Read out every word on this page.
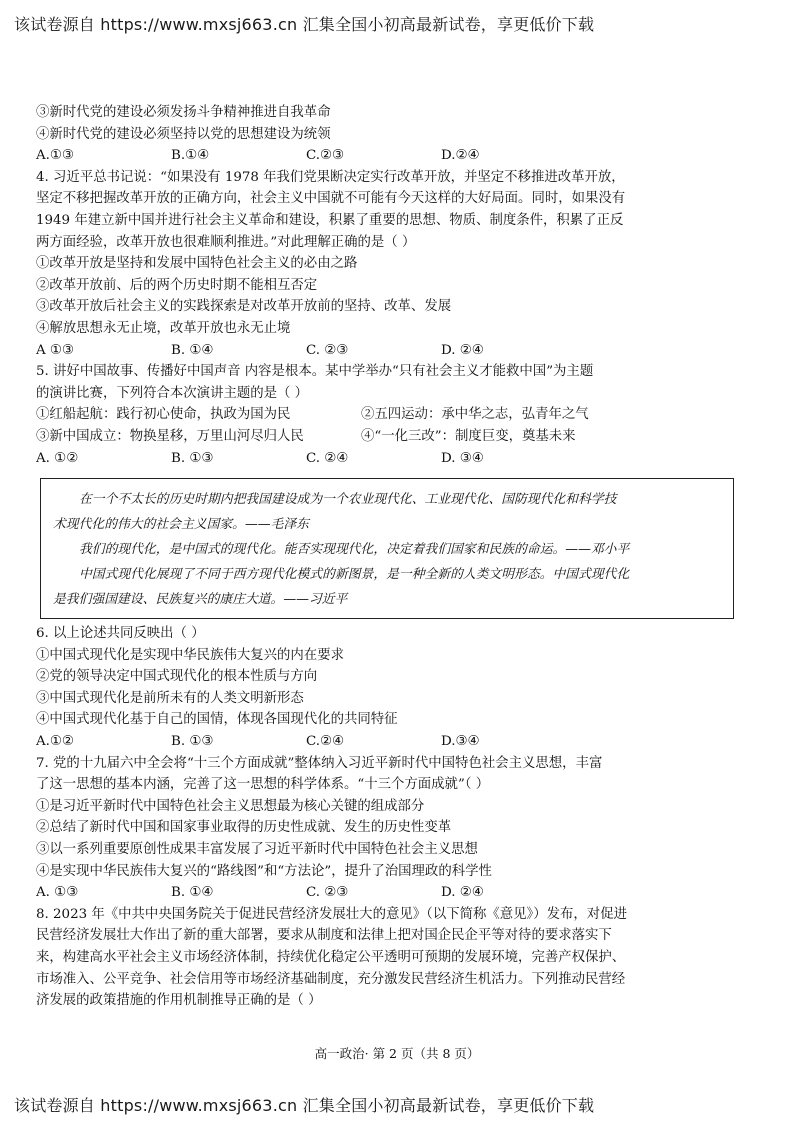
该试卷源自 https://www.mxsj663.cn 汇集全国小初高最新试卷，享更低价下载
③新时代党的建设必须发扬斗争精神推进自我革命
④新时代党的建设必须坚持以党的思想建设为统领
A.①③	B.①④	C.②③	D.②④
4. 习近平总书记说：“如果没有 1978 年我们党果断决定实行改革开放，并坚定不移推进改革开放，
坚定不移把握改革开放的正确方向，社会主义中国就不可能有今天这样的大好局面。同时，如果没有
1949 年建立新中国并进行社会主义革命和建设，积累了重要的思想、物质、制度条件，积累了正反
两方面经验，改革开放也很难顺利推进。”对此理解正确的是（ ）
①改革开放是坚持和发展中国特色社会主义的必由之路
②改革开放前、后的两个历史时期不能相互否定
③改革开放后社会主义的实践探索是对改革开放前的坚持、改革、发展
④解放思想永无止境，改革开放也永无止境
A ①③	B. ①④	C. ②③	D. ②④
5. 讲好中国故事、传播好中国声音 内容是根本。某中学举办“只有社会主义才能救中国”为主题
的演讲比赛，下列符合本次演讲主题的是（ ）
①红船起航：践行初心使命，执政为国为民	②五四运动：承中华之志，弘青年之气
③新中国成立：物换星移，万里山河尽归人民	④“一化三改”：制度巨变，奠基未来
A. ①②	B. ①③	C. ②④	D. ③④
在一个不太长的历史时期内把我国建设成为一个农业现代化、工业现代化、国防现代化和科学技
术现代化的伟大的社会主义国家。——毛泽东
我们的现代化，是中国式的现代化。能否实现现代化，决定着我们国家和民族的命运。——邓小平
中国式现代化展现了不同于西方现代化模式的新图景，是一种全新的人类文明形态。中国式现代化
是我们强国建设、民族复兴的康庄大道。——习近平
6. 以上论述共同反映出（ ）
①中国式现代化是实现中华民族伟大复兴的内在要求
②党的领导决定中国式现代化的根本性质与方向
③中国式现代化是前所未有的人类文明新形态
④中国式现代化基于自己的国情，体现各国现代化的共同特征
A.①②	B. ①③	C.②④	D.③④
7. 党的十九届六中全会将“十三个方面成就”整体纳入习近平新时代中国特色社会主义思想，丰富
了这一思想的基本内涵，完善了这一思想的科学体系。“十三个方面成就”（ ）
①是习近平新时代中国特色社会主义思想最为核心关键的组成部分
②总结了新时代中国和国家事业取得的历史性成就、发生的历史性变革
③以一系列重要原创性成果丰富发展了习近平新时代中国特色社会主义思想
④是实现中华民族伟大复兴的“路线图”和“方法论”，提升了治国理政的科学性
A. ①③	B. ①④	C. ②③	D. ②④
8. 2023 年《中共中央国务院关于促进民营经济发展壮大的意见》（以下简称《意见》）发布，对促进
民营经济发展壮大作出了新的重大部署，要求从制度和法律上把对国企民企平等对待的要求落实下
来，构建高水平社会主义市场经济体制，持续优化稳定公平透明可预期的发展环境，完善产权保护、
市场准入、公平竞争、社会信用等市场经济基础制度，充分激发民营经济生机活力。下列推动民营经
济发展的政策措施的作用机制推导正确的是（ ）
高一政治· 第 2 页（共 8 页）
该试卷源自 https://www.mxsj663.cn 汇集全国小初高最新试卷，享更低价下载
